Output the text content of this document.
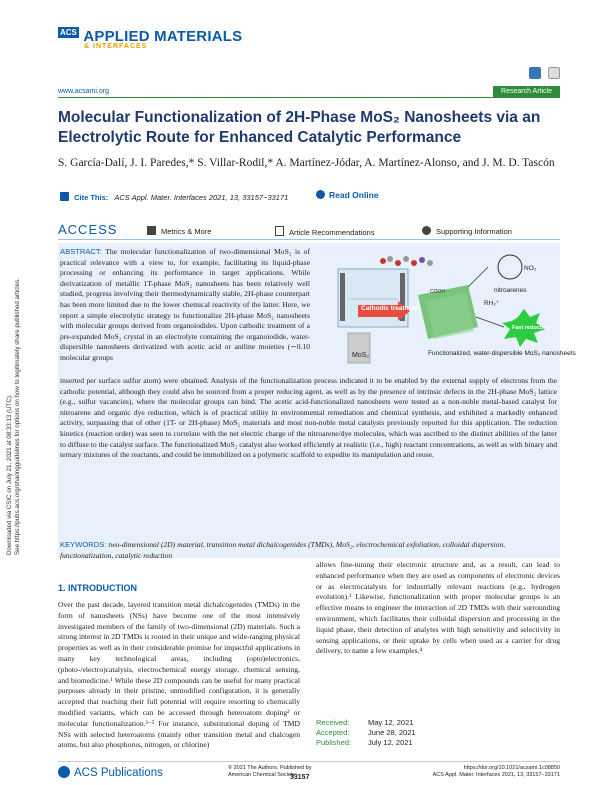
Downloaded via CSIC on July 21, 2021 at 08:33:13 (UTC). See https://pubs.acs.org/sharingguidelines for options on how to legitimately share published articles.
$^{ACS}$ APPLIED MATERIALS
& INTERFACES

www.acsami.org	Research Article
Molecular Functionalization of 2H-Phase MoS₂ Nanosheets via an Electrolytic Route for Enhanced Catalytic Performance
S. García-Dalí, J. I. Paredes,* S. Villar-Rodil,* A. Martínez-Jódar, A. Martínez-Alonso, and J. M. D. Tascón
Cite This: ACS Appl. Mater. Interfaces 2021, 13, 33157−33171	Read Online
ACCESS	Metrics & More	Article Recommendations	Supporting Information
ABSTRACT: The molecular functionalization of two-dimensional MoS₂ is of practical relevance with a view to, for example, facilitating its liquid-phase processing or enhancing its performance in target applications. While derivatization of metallic 1T-phase MoS₂ nanosheets has been relatively well studied, progress involving their thermodynamically stable, 2H-phase counterpart has been more limited due to the lower chemical reactivity of the latter. Here, we report a simple electrolytic strategy to functionalize 2H-phase MoS₂ nanosheets with molecular groups derived from organoiodides. Upon cathodic treatment of a pre-expanded MoS₂ crystal in an electrolyte containing the organoiodide, water-dispersible nanosheets derivatized with acetic acid or aniline moieties (∼0.10 molecular groups
Cathodic treatment
COOH
MoS₂
NO₂
nitroarenes
RH₂⁺
Fast reduction
Functionalized, water-dispersible MoS₂ nanosheets
inserted per surface sulfur atom) were obtained. Analysis of the functionalization process indicated it to be enabled by the external supply of electrons from the cathodic potential, although they could also be sourced from a proper reducing agent, as well as by the presence of intrinsic defects in the 2H-phase MoS₂ lattice (e.g., sulfur vacancies), where the molecular groups can bind. The acetic acid-functionalized nanosheets were tested as a non-noble metal-based catalyst for nitroarene and organic dye reduction, which is of practical utility in environmental remediation and chemical synthesis, and exhibited a markedly enhanced activity, surpassing that of other (1T- or 2H-phase) MoS₂ materials and most non-noble metal catalysts previously reported for this application. The reduction kinetics (reaction order) was seen to correlate with the net electric charge of the nitroarene/dye molecules, which was ascribed to the distinct abilities of the latter to diffuse to the catalyst surface. The functionalized MoS₂ catalyst also worked efficiently at realistic (i.e., high) reactant concentrations, as well as with binary and ternary mixtures of the reactants, and could be immobilized on a polymeric scaffold to expedite its manipulation and reuse.
KEYWORDS: two-dimensional (2D) material, transition metal dichalcogenides (TMDs), MoS₂, electrochemical exfoliation, colloidal dispersion, functionalization, catalytic reduction
1. INTRODUCTION
Over the past decade, layered transition metal dichalcogenides (TMDs) in the form of nanosheets (NSs) have become one of the most intensively investigated members of the family of two-dimensional (2D) materials. Such a strong interest in 2D TMDs is rooted in their unique and wide-ranging physical properties as well as in their considerable promise for impactful applications in many key technological areas, including (opto)electronics, (photo-/electro)catalysis, electrochemical energy storage, chemical sensing, and biomedicine.¹ While these 2D compounds can be useful for many practical purposes already in their pristine, unmodified configuration, it is generally accepted that reaching their full potential will require resorting to chemically modified variants, which can be accessed through heteroatom doping² or molecular functionalization.³⁻⁵ For instance, substitutional doping of TMD NSs with selected heteroatoms (mainly other transition metal and chalcogen atoms, but also phosphorus, nitrogen, or chlorine)
allows fine-tuning their electronic structure and, as a result, can lead to enhanced performance when they are used as components of electronic devices or as electrocatalysts for industrially relevant reactions (e.g., hydrogen evolution).² Likewise, functionalization with proper molecular groups is an effective means to engineer the interaction of 2D TMDs with their surrounding environment, which facilitates their colloidal dispersion and processing in the liquid phase, their detection of analytes with high sensitivity and selectivity in sensing applications, or their uptake by cells when used as a carrier for drug delivery, to name a few examples.⁴
Received: May 12, 2021
Accepted: June 28, 2021
Published: July 12, 2021
ACS Publications	© 2021 The Authors. Published by
American Chemical Society
33157
https://doi.org/10.1021/acsami.1c08850
ACS Appl. Mater. Interfaces 2021, 13, 33157−33171
